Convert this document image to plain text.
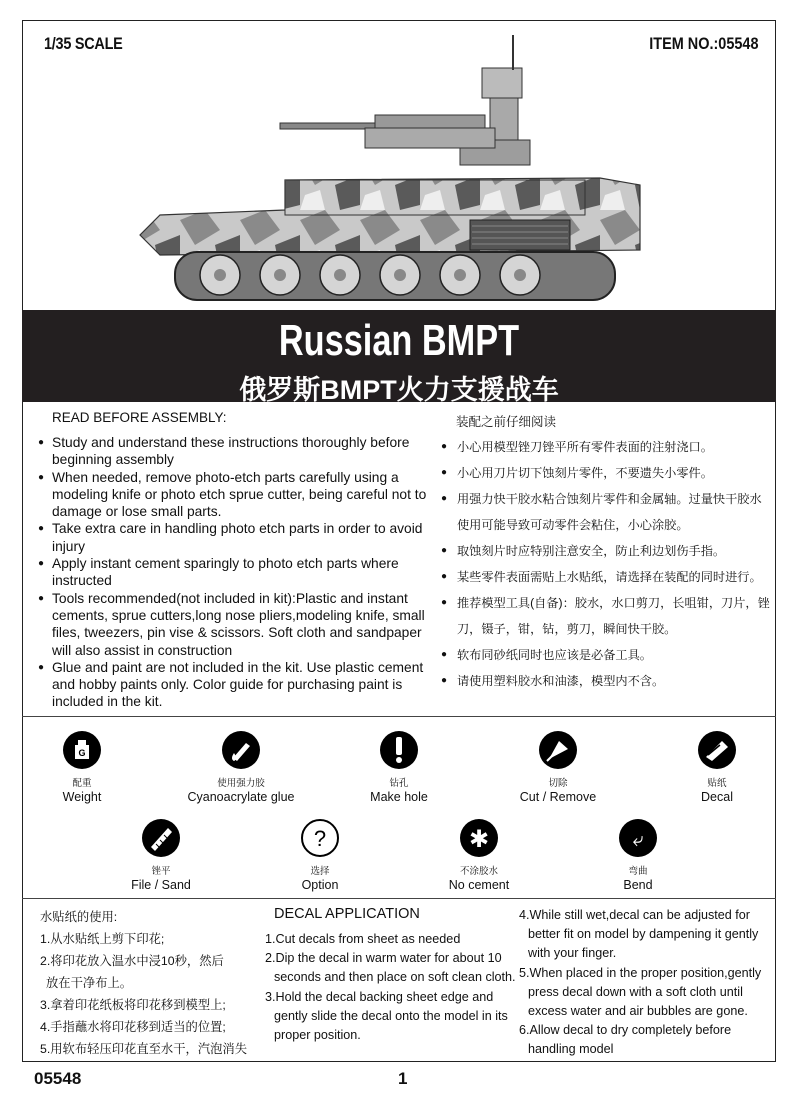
1/35 SCALE	ITEM NO.:05548
Russian BMPT
俄罗斯BMPT火力支援战车
READ BEFORE ASSEMBLY:	装配之前仔细阅读
● Study and understand these instructions thoroughly before beginning assembly
● When needed, remove photo-etch parts carefully using a modeling knife or photo etch sprue cutter, being careful not to damage or lose small parts.
● Take extra care in handling photo etch parts in order to avoid injury
● Apply instant cement sparingly to photo etch parts where instructed
● Tools recommended(not included in kit):Plastic and instant cements, sprue cutters,long nose pliers,modeling knife, small files, tweezers, pin vise & scissors. Soft cloth and sandpaper will also assist in construction
● Glue and paint are not included in the kit. Use plastic cement and hobby paints only. Color guide for purchasing paint is included in the kit.
● 小心用模型锉刀锉平所有零件表面的注射浇口。
● 小心用刀片切下蚀刻片零件，不要遗失小零件。
● 用强力快干胶水粘合蚀刻片零件和金属轴。过量快干胶水使用可能导致可动零件会粘住，小心涂胶。
● 取蚀刻片时应特别注意安全，防止利边划伤手指。
● 某些零件表面需贴上水贴纸，请选择在装配的同时进行。
● 推荐模型工具(自备)：胶水，水口剪刀，长咀钳，刀片，锉刀，镊子，钳，钻，剪刀，瞬间快干胶。
● 软布同砂纸同时也应该是必备工具。
● 请使用塑料胶水和油漆，模型内不含。
G
配重
Weight
使用强力胶
Cyanoacrylate glue
钻孔
Make hole
切除
Cut / Remove
贴纸
Decal
锉平
File / Sand
?
选择
Option
✱
不涂胶水
No cement
⤶
弯曲
Bend
水贴纸的使用:
1.从水贴纸上剪下印花;
2.将印花放入温水中浸10秒，然后
放在干净布上。
3.拿着印花纸板将印花移到模型上;
4.手指蘸水将印花移到适当的位置;
5.用软布轻压印花直至水干，汽泡消失
DECAL APPLICATION
1.Cut decals from sheet as needed
2.Dip the decal in warm water for about 10 seconds and then place on soft clean cloth.
3.Hold the decal backing sheet edge and gently slide the decal onto the model in its proper position.
4.While still wet,decal can be adjusted for better fit on model by dampening it gently with your finger.
5.When placed in the proper position,gently press decal down with a soft cloth until excess water and air bubbles are gone.
6.Allow decal to dry completely before handling model
05548	1
